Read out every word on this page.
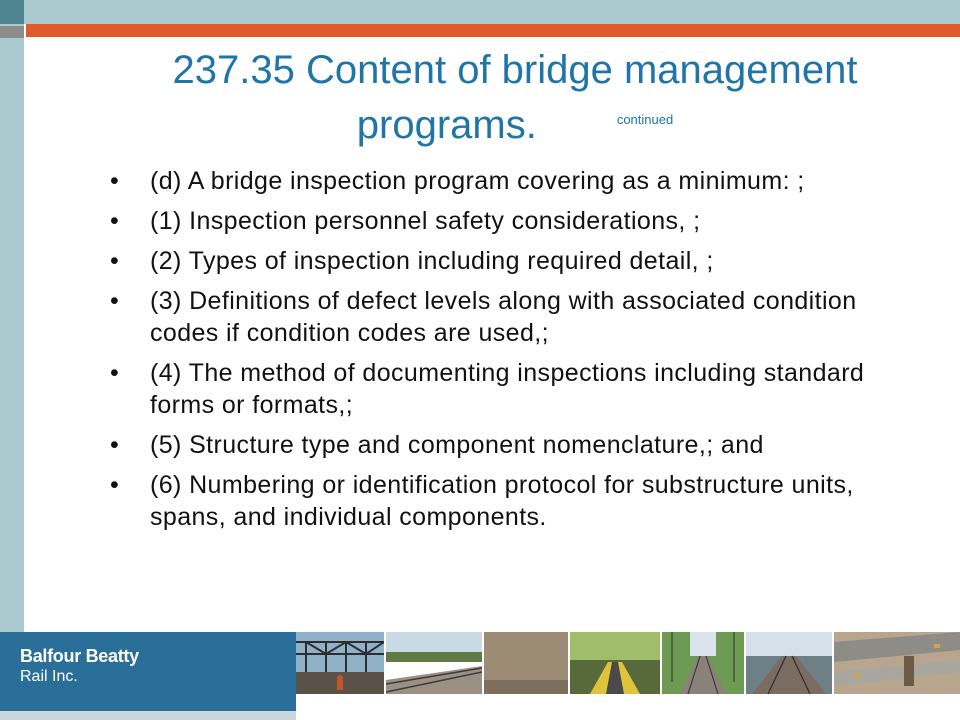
237.35 Content of bridge management programs.	$^{continued}$
• (d) A bridge inspection program covering as a minimum: ;
• (1) Inspection personnel safety considerations, ;
• (2) Types of inspection including required detail, ;
• (3) Definitions of defect levels along with associated condition codes if condition codes are used,;
• (4) The method of documenting inspections including standard forms or formats,;
• (5) Structure type and component nomenclature,; and
• (6) Numbering or identification protocol for substructure units, spans, and individual components.
Balfour Beatty
Rail Inc.
